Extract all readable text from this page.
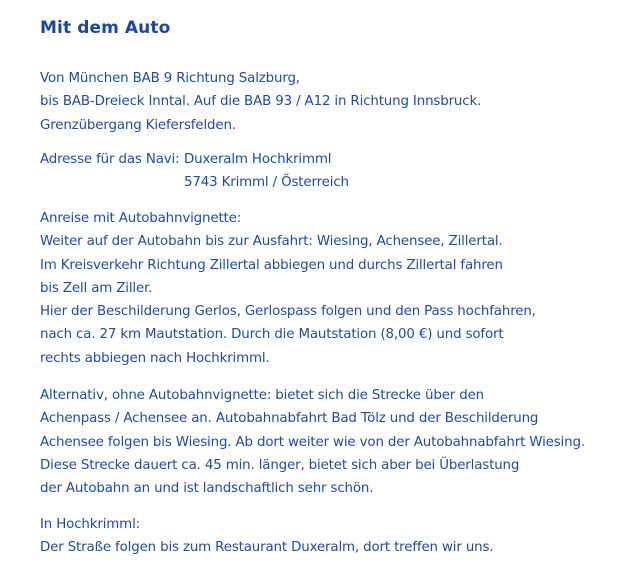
Mit dem Auto

Von München BAB 9 Richtung Salzburg,
bis BAB-Dreieck Inntal. Auf die BAB 93 / A12 in Richtung Innsbruck.
Grenzübergang Kiefersfelden.

Adresse für das Navi: Duxeralm Hochkrimml
5743 Krimml / Österreich

Anreise mit Autobahnvignette:
Weiter auf der Autobahn bis zur Ausfahrt: Wiesing, Achensee, Zillertal.
Im Kreisverkehr Richtung Zillertal abbiegen und durchs Zillertal fahren
bis Zell am Ziller.
Hier der Beschilderung Gerlos, Gerlospass folgen und den Pass hochfahren,
nach ca. 27 km Mautstation. Durch die Mautstation (8,00 €) und sofort
rechts abbiegen nach Hochkrimml.

Alternativ, ohne Autobahnvignette: bietet sich die Strecke über den
Achenpass / Achensee an. Autobahnabfahrt Bad Tölz und der Beschilderung
Achensee folgen bis Wiesing. Ab dort weiter wie von der Autobahnabfahrt Wiesing.
Diese Strecke dauert ca. 45 min. länger, bietet sich aber bei Überlastung
der Autobahn an und ist landschaftlich sehr schön.

In Hochkrimml:
Der Straße folgen bis zum Restaurant Duxeralm, dort treffen wir uns.
